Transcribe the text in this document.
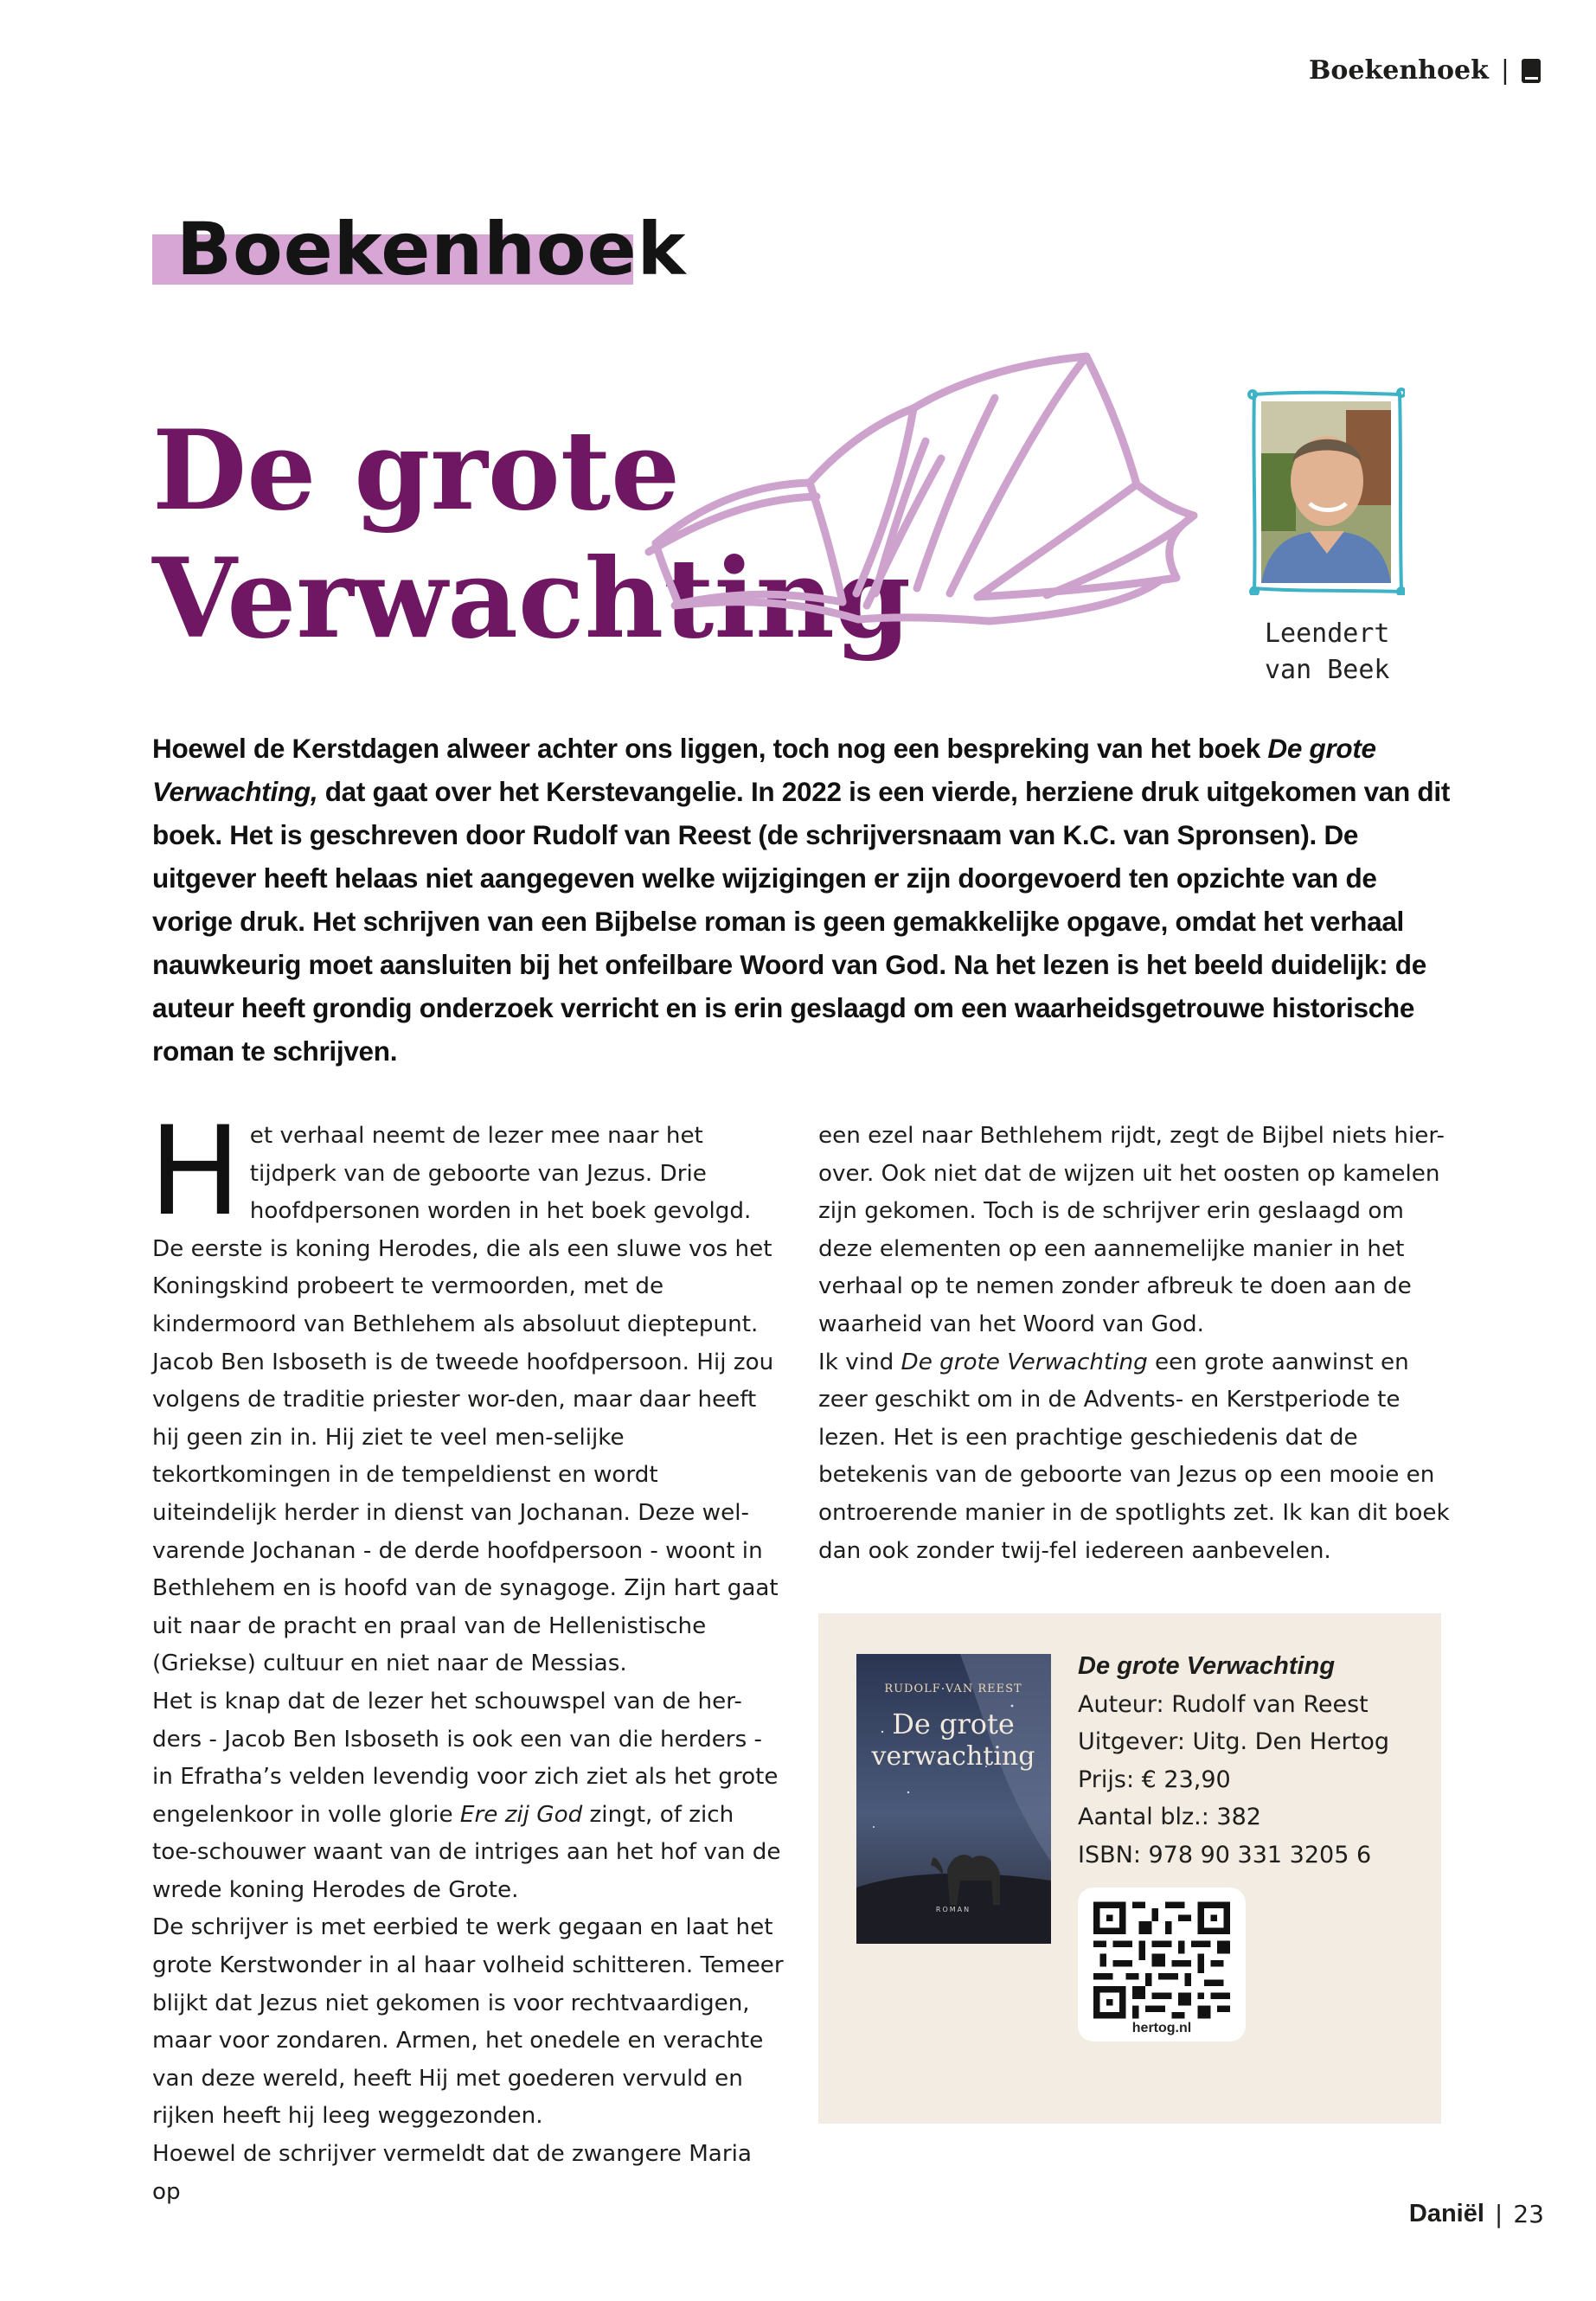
Boekenhoek |
Boekenhoek
De grote
Verwachting	Leendert
van Beek

Hoewel de Kerstdagen alweer achter ons liggen, toch nog een bespreking van het boek De grote Verwachting, dat gaat over het Kerstevangelie. In 2022 is een vierde, herziene druk uitgekomen van dit boek. Het is geschreven door Rudolf van Reest (de schrijversnaam van K.C. van Spronsen). De uitgever heeft helaas niet aangegeven welke wijzigingen er zijn doorgevoerd ten opzichte van de vorige druk. Het schrijven van een Bijbelse roman is geen gemakkelijke opgave, omdat het verhaal nauwkeurig moet aansluiten bij het onfeilbare Woord van God. Na het lezen is het beeld duidelijk: de auteur heeft grondig onderzoek verricht en is erin geslaagd om een waarheidsgetrouwe historische roman te schrijven.

Het verhaal neemt de lezer mee naar het tijdperk van de geboorte van Jezus. Drie hoofdpersonen worden in het boek gevolgd. De eerste is koning Herodes, die als een sluwe vos het Koningskind probeert te vermoorden, met de kindermoord van Bethlehem als absoluut dieptepunt. Jacob Ben Isboseth is de tweede hoofdpersoon. Hij zou volgens de traditie priester wor-den, maar daar heeft hij geen zin in. Hij ziet te veel men-selijke tekortkomingen in de tempeldienst en wordt uiteindelijk herder in dienst van Jochanan. Deze wel-varende Jochanan - de derde hoofdpersoon - woont in Bethlehem en is hoofd van de synagoge. Zijn hart gaat uit naar de pracht en praal van de Hellenistische (Griekse) cultuur en niet naar de Messias.

Het is knap dat de lezer het schouwspel van de her-ders - Jacob Ben Isboseth is ook een van die herders - in Efratha’s velden levendig voor zich ziet als het grote engelenkoor in volle glorie Ere zij God zingt, of zich toe-schouwer waant van de intriges aan het hof van de wrede koning Herodes de Grote.

De schrijver is met eerbied te werk gegaan en laat het grote Kerstwonder in al haar volheid schitteren. Temeer blijkt dat Jezus niet gekomen is voor rechtvaardigen, maar voor zondaren. Armen, het onedele en verachte van deze wereld, heeft Hij met goederen vervuld en rijken heeft hij leeg weggezonden.

Hoewel de schrijver vermeldt dat de zwangere Maria op

een ezel naar Bethlehem rijdt, zegt de Bijbel niets hier-over. Ook niet dat de wijzen uit het oosten op kamelen zijn gekomen. Toch is de schrijver erin geslaagd om deze elementen op een aannemelijke manier in het verhaal op te nemen zonder afbreuk te doen aan de waarheid van het Woord van God.

Ik vind De grote Verwachting een grote aanwinst en zeer geschikt om in de Advents- en Kerstperiode te lezen. Het is een prachtige geschiedenis dat de betekenis van de geboorte van Jezus op een mooie en ontroerende manier in de spotlights zet. Ik kan dit boek dan ook zonder twij-fel iedereen aanbevelen.

RUDOLF VAN REEST
De grote
verwachting
ROMAN
De grote Verwachting
Auteur: Rudolf van Reest
Uitgever: Uitg. Den Hertog
Prijs: € 23,90
Aantal blz.: 382
ISBN: 978 90 331 3205 6
hertog.nl
Daniël | 23
